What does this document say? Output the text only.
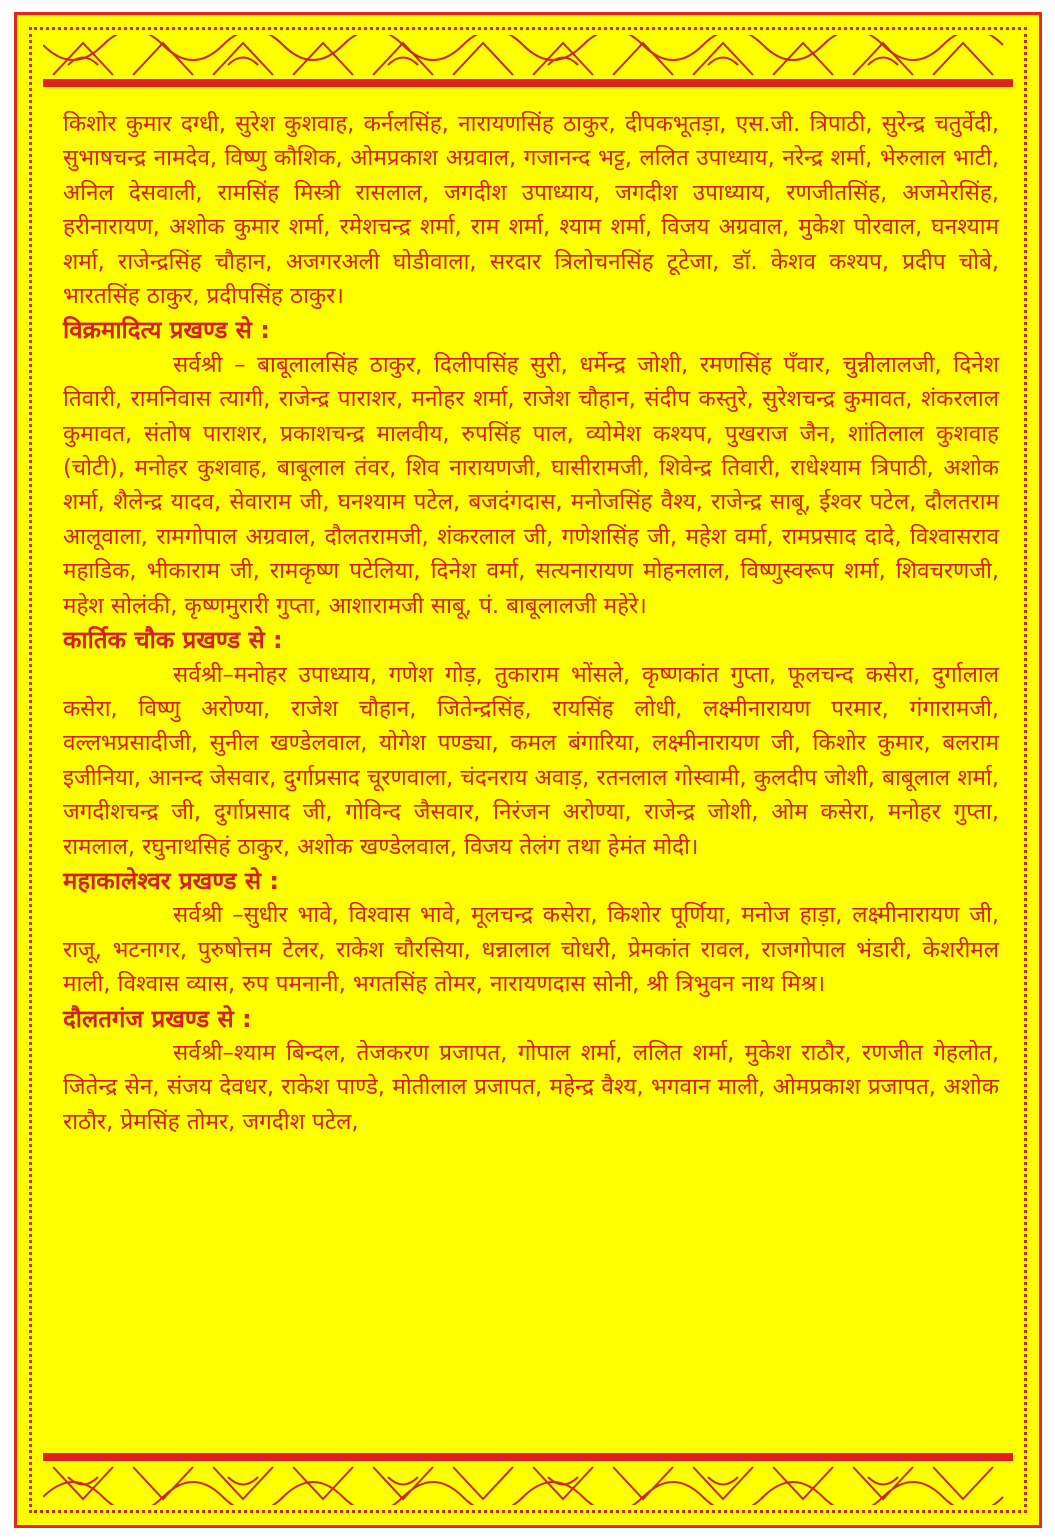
किशोर कुमार दग्धी, सुरेश कुशवाह, कर्नलसिंह, नारायणसिंह ठाकुर, दीपकभूतड़ा, एस.जी. त्रिपाठी, सुरेन्द्र चतुर्वेदी, सुभाषचन्द्र नामदेव, विष्णु कौशिक, ओमप्रकाश अग्रवाल, गजानन्द भट्ट, ललित उपाध्याय, नरेन्द्र शर्मा, भेरुलाल भाटी, अनिल देसवाली, रामसिंह मिस्त्री रासलाल, जगदीश उपाध्याय, जगदीश उपाध्याय, रणजीतसिंह, अजमेरसिंह, हरीनारायण, अशोक कुमार शर्मा, रमेशचन्द्र शर्मा, राम शर्मा, श्याम शर्मा, विजय अग्रवाल, मुकेश पोरवाल, घनश्याम शर्मा, राजेन्द्रसिंह चौहान, अजगरअली घोडीवाला, सरदार त्रिलोचनसिंह टूटेजा, डॉ. केशव कश्यप, प्रदीप चोबे, भारतसिंह ठाकुर, प्रदीपसिंह ठाकुर।

विक्रमादित्य प्रखण्ड से :

सर्वश्री – बाबूलालसिंह ठाकुर, दिलीपसिंह सुरी, धर्मेन्द्र जोशी, रमणसिंह पँवार, चुन्नीलालजी, दिनेश तिवारी, रामनिवास त्यागी, राजेन्द्र पाराशर, मनोहर शर्मा, राजेश चौहान, संदीप कस्तुरे, सुरेशचन्द्र कुमावत, शंकरलाल कुमावत, संतोष पाराशर, प्रकाशचन्द्र मालवीय, रुपसिंह पाल, व्योमेश कश्यप, पुखराज जैन, शांतिलाल कुशवाह (चोटी), मनोहर कुशवाह, बाबूलाल तंवर, शिव नारायणजी, घासीरामजी, शिवेन्द्र तिवारी, राधेश्याम त्रिपाठी, अशोक शर्मा, शैलेन्द्र यादव, सेवाराम जी, घनश्याम पटेल, बजदंगदास, मनोजसिंह वैश्य, राजेन्द्र साबू, ईश्वर पटेल, दौलतराम आलूवाला, रामगोपाल अग्रवाल, दौलतरामजी, शंकरलाल जी, गणेशसिंह जी, महेश वर्मा, रामप्रसाद दादे, विश्वासराव महाडिक, भीकाराम जी, रामकृष्ण पटेलिया, दिनेश वर्मा, सत्यनारायण मोहनलाल, विष्णुस्वरूप शर्मा, शिवचरणजी, महेश सोलंकी, कृष्णमुरारी गुप्ता, आशारामजी साबू, पं. बाबूलालजी महेरे।

कार्तिक चौक प्रखण्ड से :

सर्वश्री–मनोहर उपाध्याय, गणेश गोड़, तुकाराम भोंसले, कृष्णकांत गुप्ता, फूलचन्द कसेरा, दुर्गालाल कसेरा, विष्णु अरोण्या, राजेश चौहान, जितेन्द्रसिंह, रायसिंह लोधी, लक्ष्मीनारायण परमार, गंगारामजी, वल्लभप्रसादीजी, सुनील खण्डेलवाल, योगेश पण्ड्या, कमल बंगारिया, लक्ष्मीनारायण जी, किशोर कुमार, बलराम इजीनिया, आनन्द जेसवार, दुर्गाप्रसाद चूरणवाला, चंदनराय अवाड़, रतनलाल गोस्वामी, कुलदीप जोशी, बाबूलाल शर्मा, जगदीशचन्द्र जी, दुर्गाप्रसाद जी, गोविन्द जैसवार, निरंजन अरोण्या, राजेन्द्र जोशी, ओम कसेरा, मनोहर गुप्ता, रामलाल, रघुनाथसिहं ठाकुर, अशोक खण्डेलवाल, विजय तेलंग तथा हेमंत मोदी।

महाकालेश्वर प्रखण्ड से :

सर्वश्री –सुधीर भावे, विश्वास भावे, मूलचन्द्र कसेरा, किशोर पूर्णिया, मनोज हाड़ा, लक्ष्मीनारायण जी, राजू, भटनागर, पुरुषोत्तम टेलर, राकेश चौरसिया, धन्नालाल चोधरी, प्रेमकांत रावल, राजगोपाल भंडारी, केशरीमल माली, विश्वास व्यास, रुप पमनानी, भगतसिंह तोमर, नारायणदास सोनी, श्री त्रिभुवन नाथ मिश्र।

दौलतगंज प्रखण्ड से :

सर्वश्री–श्याम बिन्दल, तेजकरण प्रजापत, गोपाल शर्मा, ललित शर्मा, मुकेश राठौर, रणजीत गेहलोत, जितेन्द्र सेन, संजय देवधर, राकेश पाण्डे, मोतीलाल प्रजापत, महेन्द्र वैश्य, भगवान माली, ओमप्रकाश प्रजापत, अशोक राठौर, प्रेमसिंह तोमर, जगदीश पटेल,
